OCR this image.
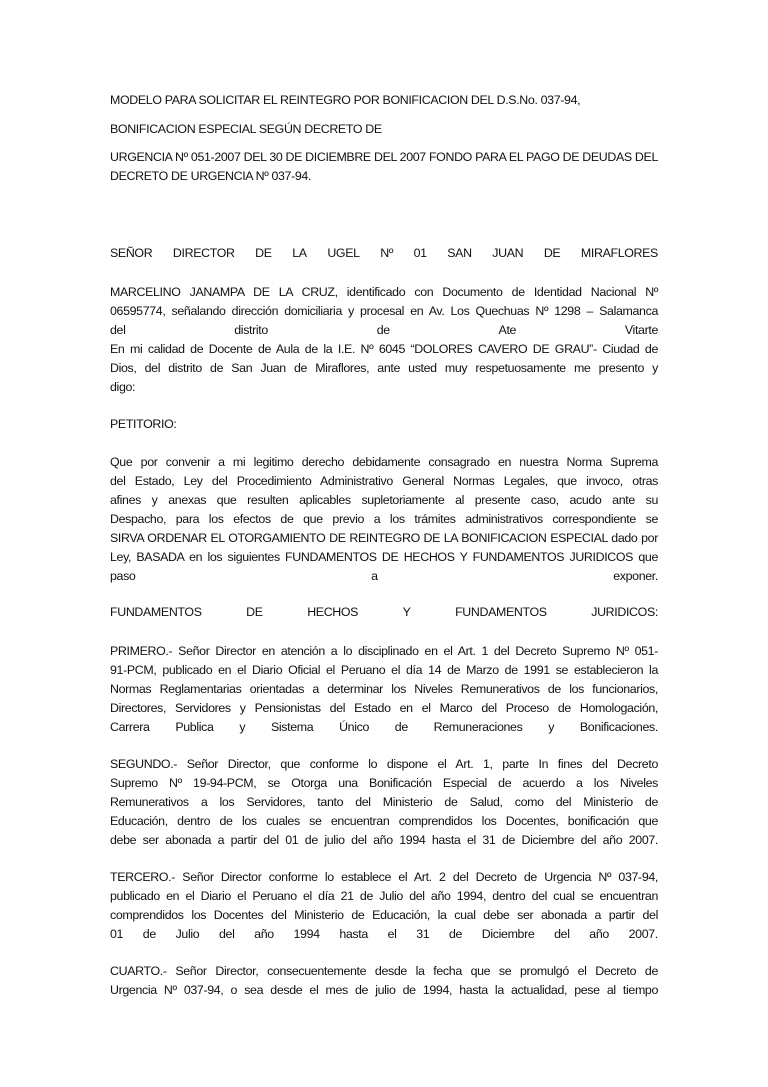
MODELO PARA SOLICITAR EL REINTEGRO POR BONIFICACION DEL D.S.No. 037-94,
BONIFICACION ESPECIAL SEGÚN DECRETO DE
URGENCIA Nº 051-2007 DEL 30 DE DICIEMBRE DEL 2007 FONDO PARA EL PAGO DE DEUDAS DEL
DECRETO DE URGENCIA Nº 037-94.
SEÑOR DIRECTOR DE LA UGEL Nº 01 SAN JUAN DE MIRAFLORES
MARCELINO JANAMPA DE LA CRUZ, identificado con Documento de Identidad Nacional Nº
06595774, señalando dirección domiciliaria y procesal en Av. Los Quechuas Nº 1298 – Salamanca
del	distrito	de	Ate	Vitarte
En mi calidad de Docente de Aula de la I.E. Nº 6045 “DOLORES CAVERO DE GRAU”- Ciudad de
Dios, del distrito de San Juan de Miraflores, ante usted muy respetuosamente me presento y
digo:
PETITORIO:
Que por convenir a mi legitimo derecho debidamente consagrado en nuestra Norma Suprema
del Estado, Ley del Procedimiento Administrativo General Normas Legales, que invoco, otras
afines y anexas que resulten aplicables supletoriamente al presente caso, acudo ante su
Despacho, para los efectos de que previo a los trámites administrativos correspondiente se
SIRVA ORDENAR EL OTORGAMIENTO DE REINTEGRO DE LA BONIFICACION ESPECIAL dado por
Ley, BASADA en los siguientes FUNDAMENTOS DE HECHOS Y FUNDAMENTOS JURIDICOS que
paso	a	exponer.
FUNDAMENTOS	DE	HECHOS	Y	FUNDAMENTOS	JURIDICOS:
PRIMERO.- Señor Director en atención a lo disciplinado en el Art. 1 del Decreto Supremo Nº 051-
91-PCM, publicado en el Diario Oficial el Peruano el día 14 de Marzo de 1991 se establecieron la
Normas Reglamentarias orientadas a determinar los Niveles Remunerativos de los funcionarios,
Directores, Servidores y Pensionistas del Estado en el Marco del Proceso de Homologación,
Carrera Publica y Sistema Único de Remuneraciones y Bonificaciones.
SEGUNDO.- Señor Director, que conforme lo dispone el Art. 1, parte In fines del Decreto
Supremo Nº 19-94-PCM, se Otorga una Bonificación Especial de acuerdo a los Niveles
Remunerativos a los Servidores, tanto del Ministerio de Salud, como del Ministerio de
Educación, dentro de los cuales se encuentran comprendidos los Docentes, bonificación que
debe ser abonada a partir del 01 de julio del año 1994 hasta el 31 de Diciembre del año 2007.
TERCERO.- Señor Director conforme lo establece el Art. 2 del Decreto de Urgencia Nº 037-94,
publicado en el Diario el Peruano el día 21 de Julio del año 1994, dentro del cual se encuentran
comprendidos los Docentes del Ministerio de Educación, la cual debe ser abonada a partir del
01 de Julio del año 1994 hasta el 31 de Diciembre del año 2007.
CUARTO.- Señor Director, consecuentemente desde la fecha que se promulgó el Decreto de
Urgencia Nº 037-94, o sea desde el mes de julio de 1994, hasta la actualidad, pese al tiempo
